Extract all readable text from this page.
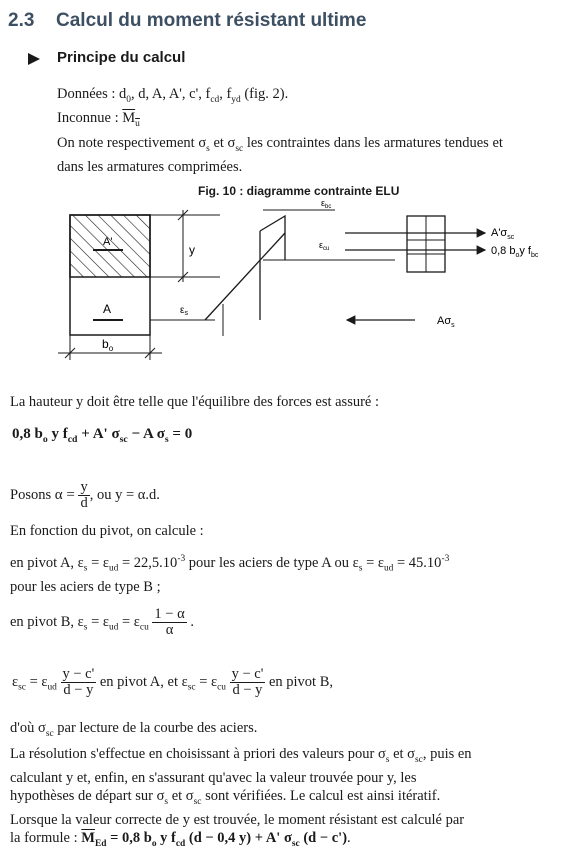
2.3 Calcul du moment résistant ultime
Principe du calcul
Données : $d_0$, d, A, A', c', $f_{cd}$, $f_{yd}$ (fig. 2).
Inconnue : $M_u$
On note respectivement $\sigma_s$ et $\sigma_{sc}$ les contraintes dans les armatures tendues et
dans les armatures comprimées.
Fig. 10 : diagramme contrainte ELU
A'
A
y
$\varepsilon_s$
$b_o$
$\varepsilon_{bc}$
$\varepsilon_{cu}$
$A'\sigma_{sc}$
0,8 $b_oy$ $f_{bc}$
$A\sigma_s$
La hauteur y doit être telle que l'équilibre des forces est assuré :
0,8 $b_o$ y $f_{cd} + A'$ $\sigma_{sc} - A$ $\sigma_s = 0$
Posons $\alpha = \frac{y}{d}$ , ou y = α.d.
En fonction du pivot, on calcule :
en pivot A, $\varepsilon_s = \varepsilon_{ud} = 22,5.10^{-3}$ pour les aciers de type A ou $\varepsilon_s = \varepsilon_{ud} = 45.10^{-3}$
pour les aciers de type B ;
en pivot B, $\varepsilon_s = \varepsilon_{ud} = \varepsilon_{cu} \frac{1 - \alpha}{\alpha}$ .
$\varepsilon_{sc} = \varepsilon_{ud} \frac{y - c'}{d - y}$ en pivot A, et $\varepsilon_{sc} = \varepsilon_{cu} \frac{y - c'}{d - y}$ en pivot B,
d'où $\sigma_{sc}$ par lecture de la courbe des aciers.
La résolution s'effectue en choisissant à priori des valeurs pour $\sigma_s$ et $\sigma_{sc}$, puis en
calculant y et, enfin, en s'assurant qu'avec la valeur trouvée pour y, les
hypothèses de départ sur $\sigma_s$ et $\sigma_{sc}$ sont vérifiées. Le calcul est ainsi itératif.
Lorsque la valeur correcte de y est trouvée, le moment résistant est calculé par
la formule : $\overline{M}_{Ed} = 0,8$ $b_o$ y $f_{cd}$ (d − 0,4 y) + A' $\sigma_{sc}$ (d − c').
